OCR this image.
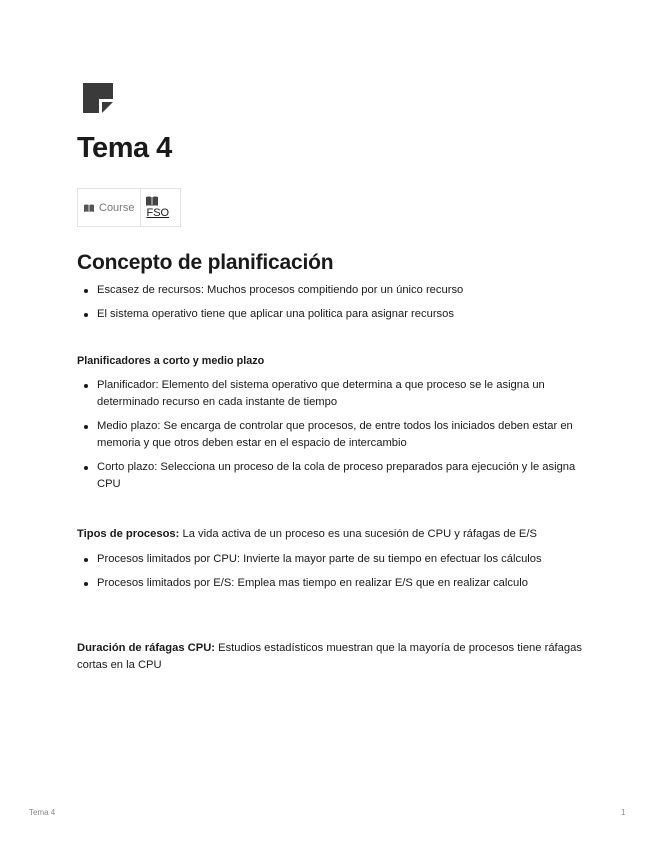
Tema 4
Course FSO
Concepto de planificación
Escasez de recursos: Muchos procesos compitiendo por un único recurso
El sistema operativo tiene que aplicar una politica para asignar recursos
Planificadores a corto y medio plazo
Planificador: Elemento del sistema operativo que determina a que proceso se le asigna un determinado recurso en cada instante de tiempo
Medio plazo: Se encarga de controlar que procesos, de entre todos los iniciados deben estar en memoria y que otros deben estar en el espacio de intercambio
Corto plazo: Selecciona un proceso de la cola de proceso preparados para ejecución y le asigna CPU

Tipos de procesos: La vida activa de un proceso es una sucesión de CPU y ráfagas de E/S

Procesos limitados por CPU: Invierte la mayor parte de su tiempo en efectuar los cálculos
Procesos limitados por E/S: Emplea mas tiempo en realizar E/S que en realizar calculo

Duración de ráfagas CPU: Estudios estadísticos muestran que la mayoría de procesos tiene ráfagas cortas en la CPU

Tema 4	1
